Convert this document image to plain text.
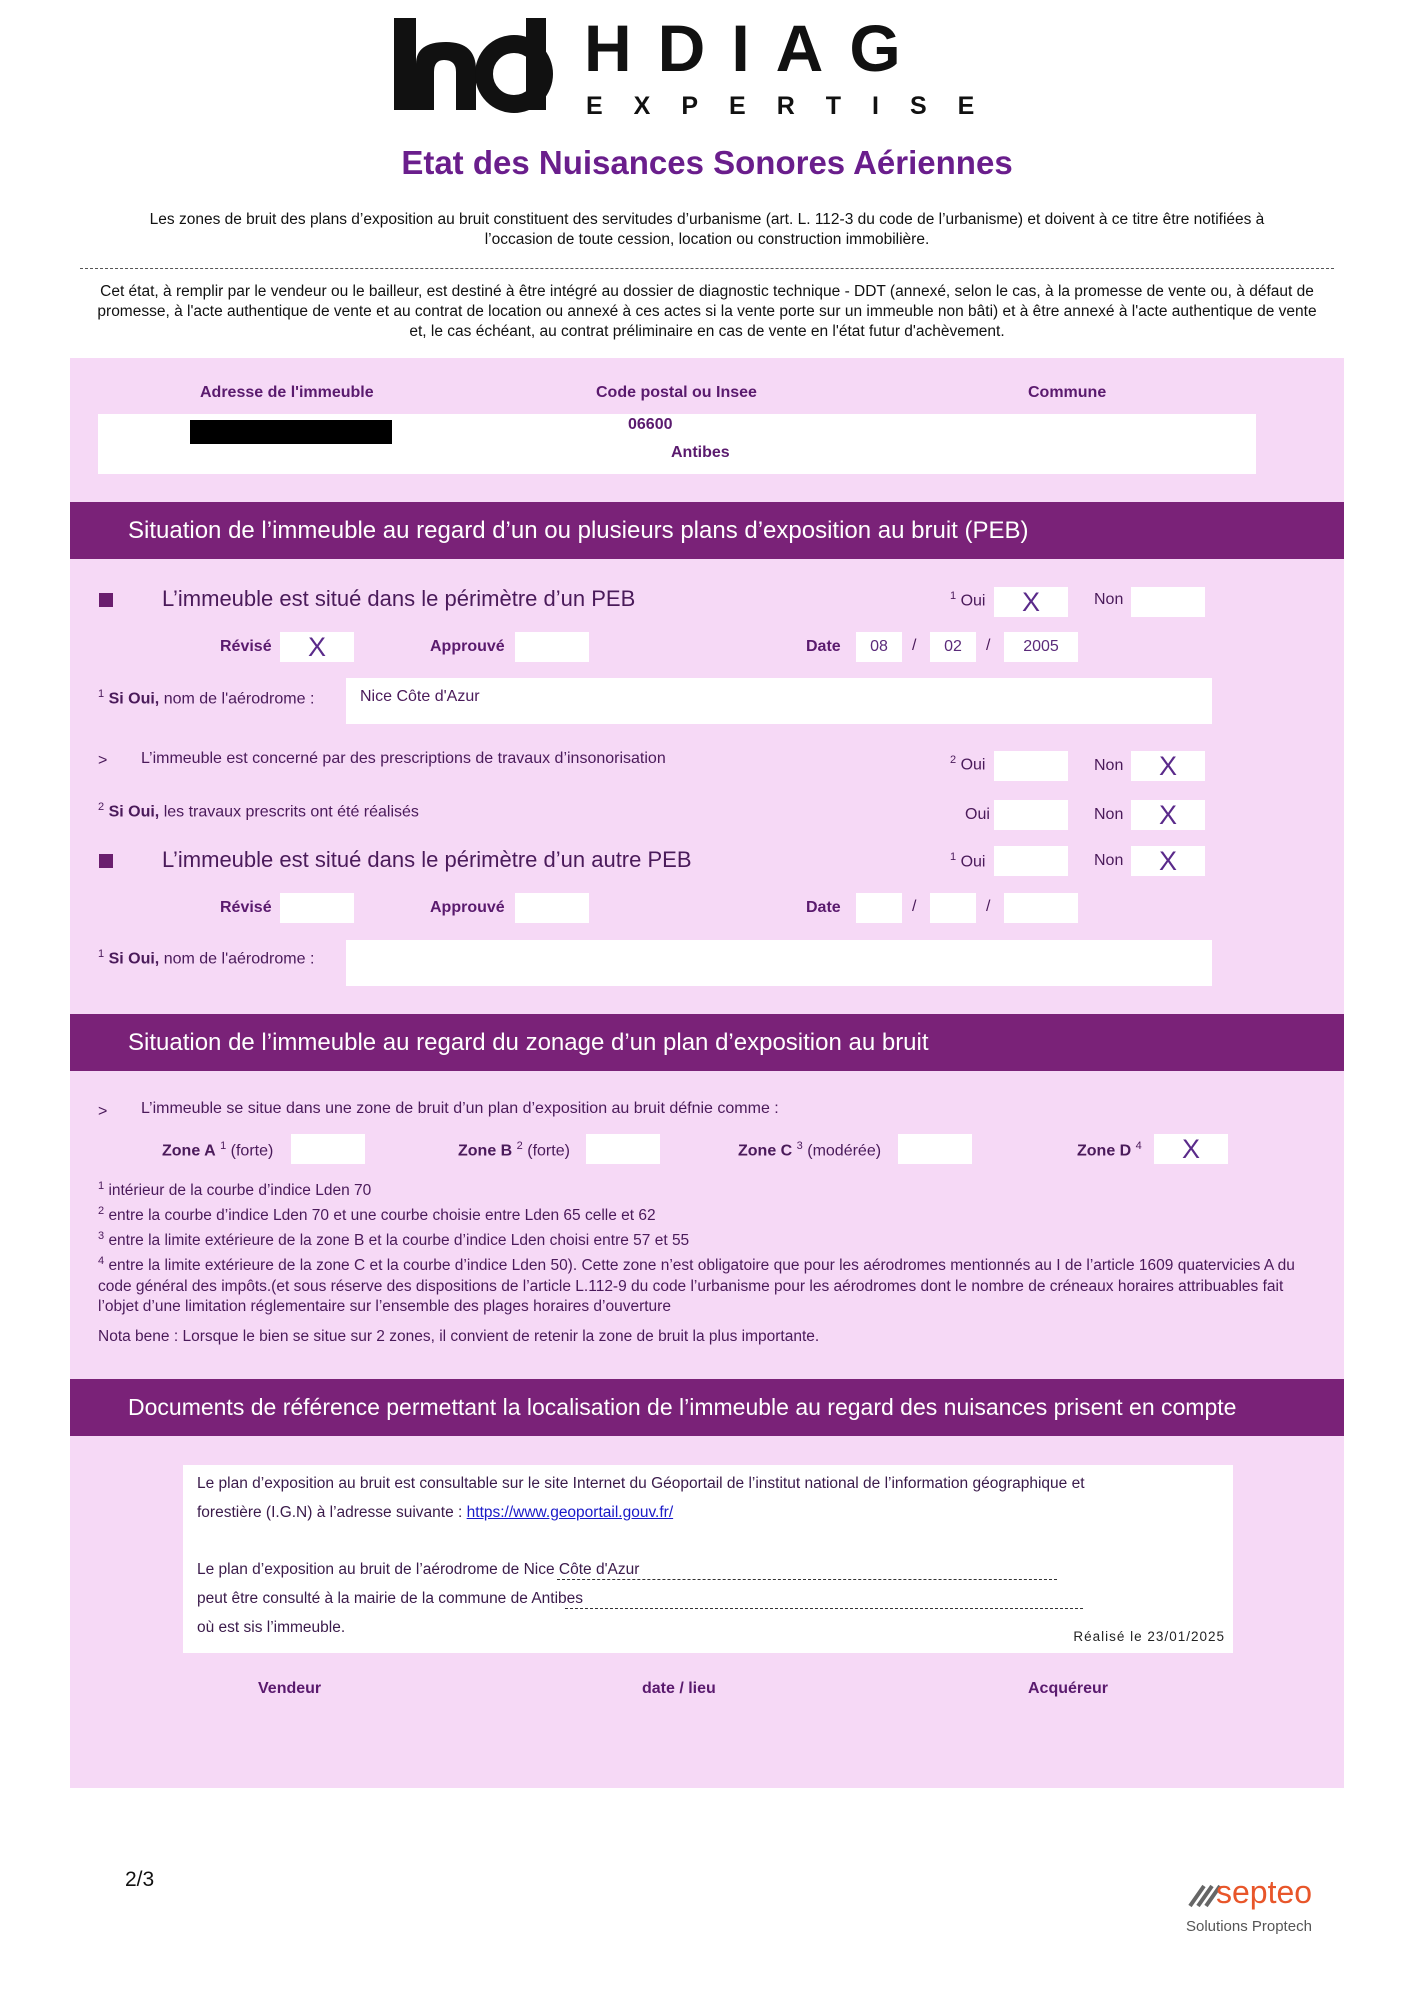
HDIAG
EXPERTISE
Etat des Nuisances Sonores Aériennes
Les zones de bruit des plans d’exposition au bruit constituent des servitudes d’urbanisme (art. L. 112-3 du code de l’urbanisme) et doivent à ce titre être notifiées à l’occasion de toute cession, location ou construction immobilière.
Cet état, à remplir par le vendeur ou le bailleur, est destiné à être intégré au dossier de diagnostic technique - DDT (annexé, selon le cas, à la promesse de vente ou, à défaut de promesse, à l'acte authentique de vente et au contrat de location ou annexé à ces actes si la vente porte sur un immeuble non bâti) et à être annexé à l'acte authentique de vente et, le cas échéant, au contrat préliminaire en cas de vente en l'état futur d'achèvement.
Adresse de l'immeuble	Code postal ou Insee	Commune
06600
Antibes
Situation de l’immeuble au regard d’un ou plusieurs plans d’exposition au bruit (PEB)
L’immeuble est situé dans le périmètre d’un PEB	$^1$ Oui	X	Non
Révisé	X	Approuvé	Date	08	/	02	/	2005
$^1$ Si Oui, nom de l'aérodrome :	Nice Côte d'Azur
> L’immeuble est concerné par des prescriptions de travaux d’insonorisation	$^2$ Oui	Non	X
$^2$ Si Oui, les travaux prescrits ont été réalisés	Oui	Non	X
L’immeuble est situé dans le périmètre d’un autre PEB	$^1$ Oui	Non	X
Révisé	Approuvé	Date	/	/
$^1$ Si Oui, nom de l'aérodrome :
Situation de l’immeuble au regard du zonage d’un plan d’exposition au bruit
> L’immeuble se situe dans une zone de bruit d’un plan d’exposition au bruit défnie comme :
Zone A $^1$ (forte)	Zone B $^2$ (forte)	Zone C $^3$ (modérée)	Zone D $^4$	X
$^1$ intérieur de la courbe d’indice Lden 70
$^2$ entre la courbe d’indice Lden 70 et une courbe choisie entre Lden 65 celle et 62
$^3$ entre la limite extérieure de la zone B et la courbe d’indice Lden choisi entre 57 et 55
$^4$ entre la limite extérieure de la zone C et la courbe d’indice Lden 50). Cette zone n’est obligatoire que pour les aérodromes mentionnés au I de l’article 1609 quatervicies A du code général des impôts.(et sous réserve des dispositions de l’article L.112-9 du code l’urbanisme pour les aérodromes dont le nombre de créneaux horaires attribuables fait l’objet d’une limitation réglementaire sur l’ensemble des plages horaires d’ouverture
Nota bene : Lorsque le bien se situe sur 2 zones, il convient de retenir la zone de bruit la plus importante.
Documents de référence permettant la localisation de l’immeuble au regard des nuisances prisent en compte
Le plan d’exposition au bruit est consultable sur le site Internet du Géoportail de l’institut national de l’information géographique et
forestière (I.G.N) à l’adresse suivante : https://www.geoportail.gouv.fr/
Le plan d’exposition au bruit de l’aérodrome de Nice Côte d'Azur
peut être consulté à la mairie de la commune de Antibes
où est sis l’immeuble.
Réalisé le 23/01/2025
Vendeur	date / lieu	Acquéreur
2/3	septeo
Solutions Proptech
